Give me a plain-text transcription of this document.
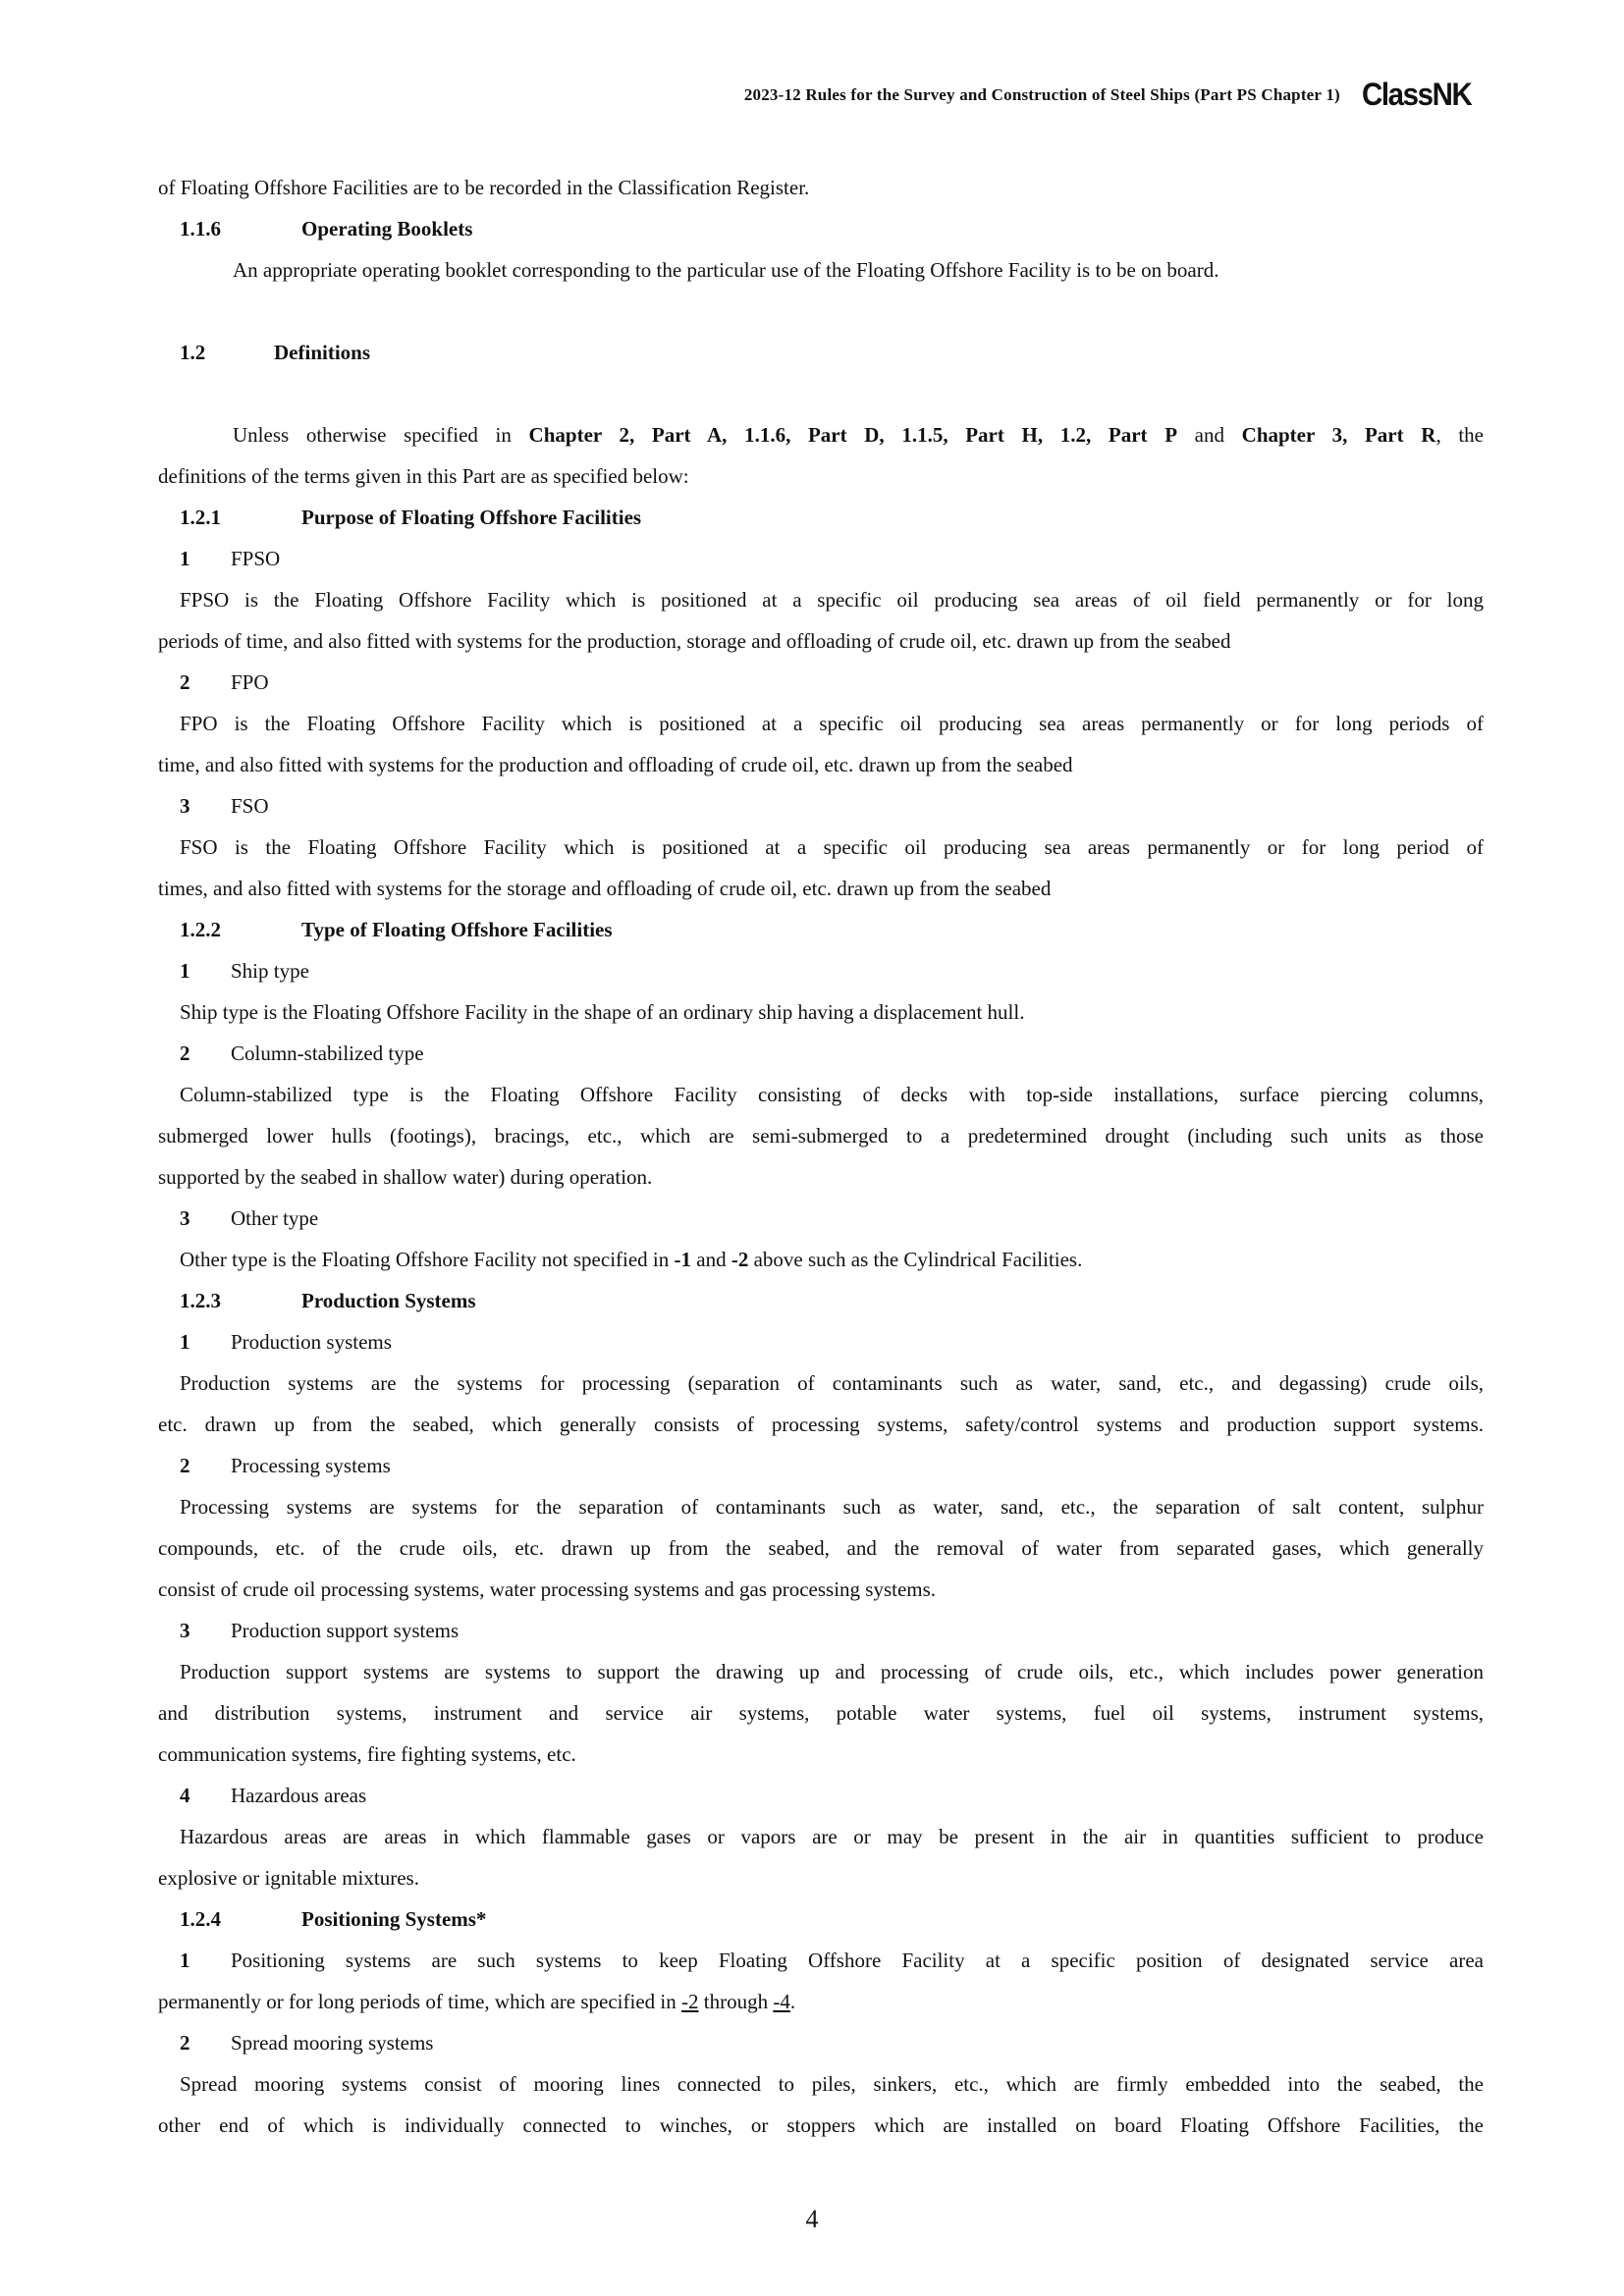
2023-12 Rules for the Survey and Construction of Steel Ships (Part PS Chapter 1) ClassNK
of Floating Offshore Facilities are to be recorded in the Classification Register.
1.1.6	Operating Booklets
An appropriate operating booklet corresponding to the particular use of the Floating Offshore Facility is to be on board.
1.2	Definitions
Unless otherwise specified in Chapter 2, Part A, 1.1.6, Part D, 1.1.5, Part H, 1.2, Part P and Chapter 3, Part R, the
definitions of the terms given in this Part are as specified below:
1.2.1	Purpose of Floating Offshore Facilities
1 FPSO
FPSO is the Floating Offshore Facility which is positioned at a specific oil producing sea areas of oil field permanently or for long
periods of time, and also fitted with systems for the production, storage and offloading of crude oil, etc. drawn up from the seabed
2 FPO
FPO is the Floating Offshore Facility which is positioned at a specific oil producing sea areas permanently or for long periods of
time, and also fitted with systems for the production and offloading of crude oil, etc. drawn up from the seabed
3 FSO
FSO is the Floating Offshore Facility which is positioned at a specific oil producing sea areas permanently or for long period of
times, and also fitted with systems for the storage and offloading of crude oil, etc. drawn up from the seabed
1.2.2	Type of Floating Offshore Facilities
1 Ship type
Ship type is the Floating Offshore Facility in the shape of an ordinary ship having a displacement hull.
2 Column-stabilized type
Column-stabilized type is the Floating Offshore Facility consisting of decks with top-side installations, surface piercing columns,
submerged lower hulls (footings), bracings, etc., which are semi-submerged to a predetermined drought (including such units as those
supported by the seabed in shallow water) during operation.
3 Other type
Other type is the Floating Offshore Facility not specified in -1 and -2 above such as the Cylindrical Facilities.
1.2.3	Production Systems
1 Production systems
Production systems are the systems for processing (separation of contaminants such as water, sand, etc., and degassing) crude oils,
etc. drawn up from the seabed, which generally consists of processing systems, safety/control systems and production support systems.
2 Processing systems
Processing systems are systems for the separation of contaminants such as water, sand, etc., the separation of salt content, sulphur
compounds, etc. of the crude oils, etc. drawn up from the seabed, and the removal of water from separated gases, which generally
consist of crude oil processing systems, water processing systems and gas processing systems.
3 Production support systems
Production support systems are systems to support the drawing up and processing of crude oils, etc., which includes power generation
and distribution systems, instrument and service air systems, potable water systems, fuel oil systems, instrument systems,
communication systems, fire fighting systems, etc.
4 Hazardous areas
Hazardous areas are areas in which flammable gases or vapors are or may be present in the air in quantities sufficient to produce
explosive or ignitable mixtures.
1.2.4	Positioning Systems*
1 Positioning systems are such systems to keep Floating Offshore Facility at a specific position of designated service area
permanently or for long periods of time, which are specified in -2 through -4.
2 Spread mooring systems
Spread mooring systems consist of mooring lines connected to piles, sinkers, etc., which are firmly embedded into the seabed, the
other end of which is individually connected to winches, or stoppers which are installed on board Floating Offshore Facilities, the
4
